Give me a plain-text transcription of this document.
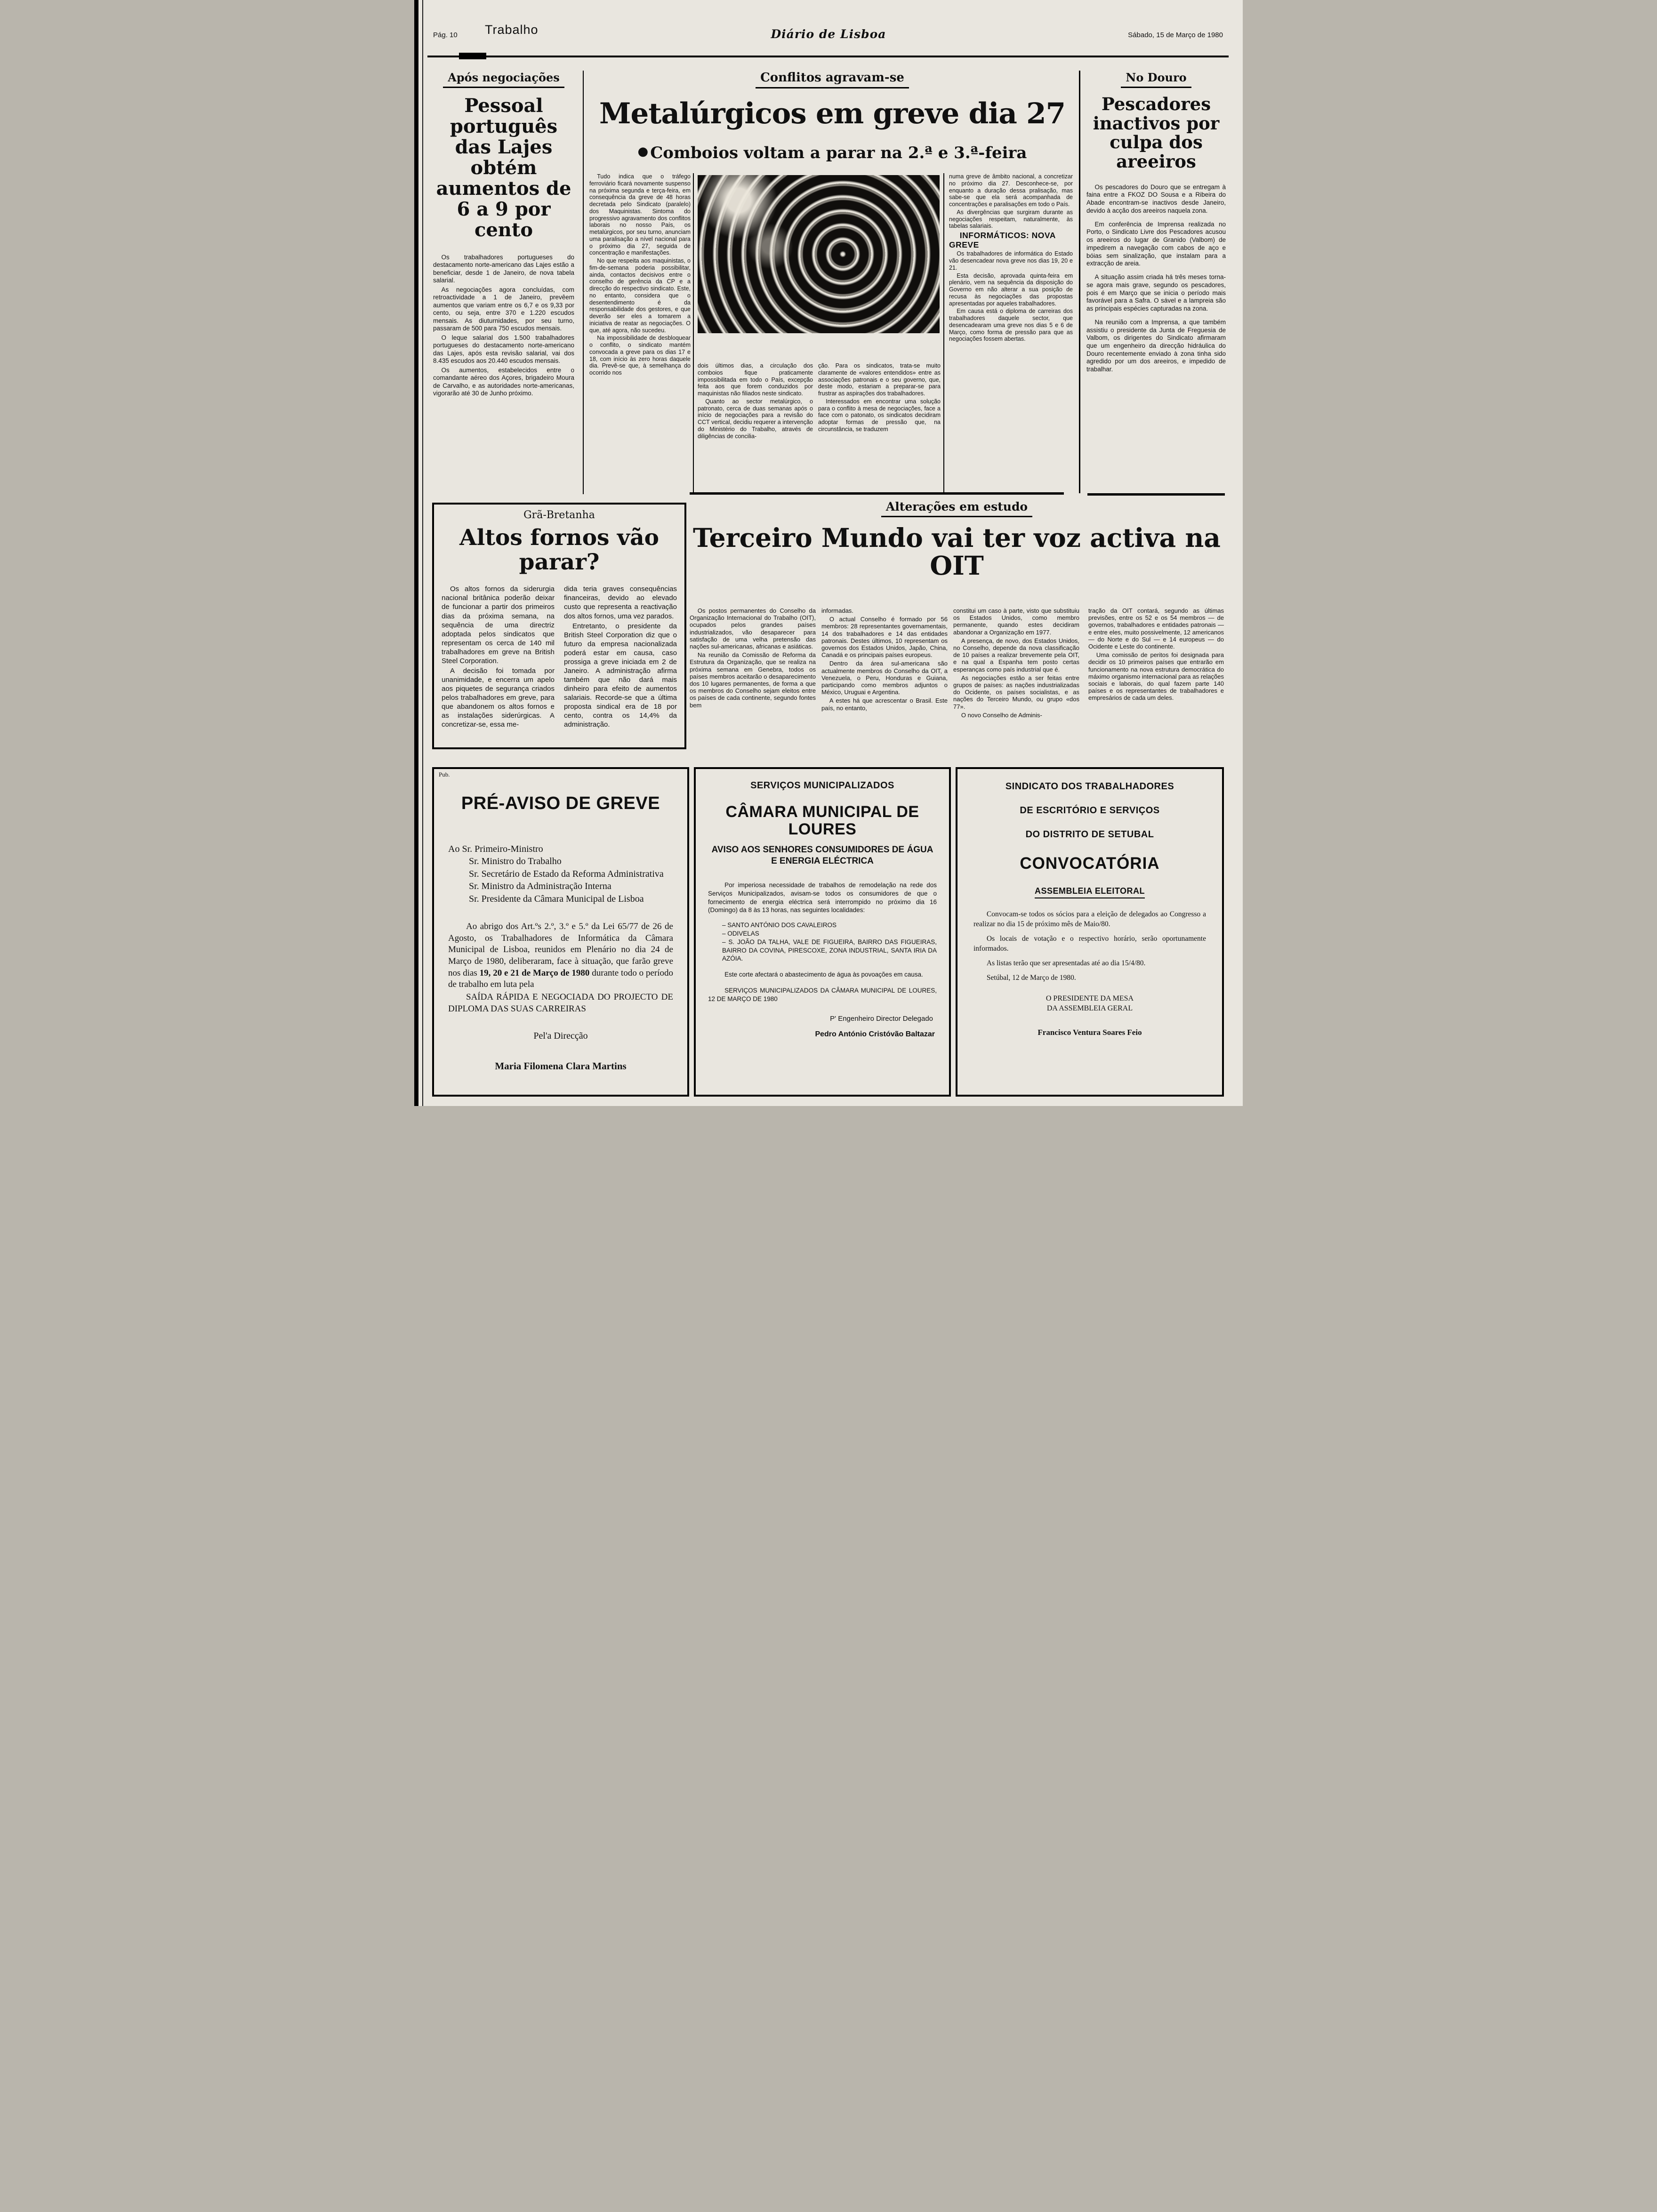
Pág. 10 Trabalho	Diário de Lisboa	Sábado, 15 de Março de 1980
Após negociações
Pessoal português das Lajes obtém aumentos de 6 a 9 por cento

Os trabalhadores portugueses do destacamento norte-americano das Lajes estão a beneficiar, desde 1 de Janeiro, de nova tabela salarial.

As negociações agora concluídas, com retroactividade a 1 de Janeiro, prevêem aumentos que variam entre os 6,7 e os 9,33 por cento, ou seja, entre 370 e 1.220 escudos mensais. As diuturnidades, por seu turno, passaram de 500 para 750 escudos mensais.

O leque salarial dos 1.500 trabalhadores portugueses do destacamento norte-americano das Lajes, após esta revisão salarial, vai dos 8.435 escudos aos 20.440 escudos mensais.

Os aumentos, estabelecidos entre o comandante aéreo dos Açores, brigadeiro Moura de Carvalho, e as autoridades norte-americanas, vigorarão até 30 de Junho próximo.

Conflitos agravam-se
Metalúrgicos em greve dia 27
● Comboios voltam a parar na 2.ª e 3.ª-feira

Tudo indica que o tráfego ferroviário ficará novamente suspenso na próxima segunda e terça-feira, em consequência da greve de 48 horas decretada pelo Sindicato (paralelo) dos Maquinistas. Sintoma do progressivo agravamento dos conflitos laborais no nosso País, os metalúrgicos, por seu turno, anunciam uma paralisação a nível nacional para o próximo dia 27, seguida de concentração e manifestações.

No que respeita aos maquinistas, o fim-de-semana poderia possibilitar, ainda, contactos decisivos entre o conselho de gerência da CP e a direcção do respectivo sindicato. Este, no entanto, considera que o desentendimento é da responsabilidade dos gestores, e que deverão ser eles a tomarem a iniciativa de reatar as negociações. O que, até agora, não sucedeu.

Na impossibilidade de desbloquear o conflito, o sindicato mantém convocada a greve para os dias 17 e 18, com início às zero horas daquele dia. Prevê-se que, à semelhança do ocorrido nos

dois últimos dias, a circulação dos comboios fique praticamente impossibilitada em todo o País, excepção feita aos que forem conduzidos por maquinistas não filiados neste sindicato.

Quanto ao sector metalúrgico, o patronato, cerca de duas semanas após o início de negociações para a revisão do CCT vertical, decidiu requerer a intervenção do Ministério do Trabalho, através de diligências de concilia-

ção. Para os sindicatos, trata-se muito claramente de «valores entendidos» entre as associações patronais e o seu governo, que, deste modo, estariam a preparar-se para frustrar as aspirações dos trabalhadores.

Interessados em encontrar uma solução para o conflito à mesa de negociações, face a face com o patonato, os sindicatos decidiram adoptar formas de pressão que, na circunstância, se traduzem

numa greve de âmbito nacional, a concretizar no próximo dia 27. Desconhece-se, por enquanto a duração dessa pralisação, mas sabe-se que ela será acompanhada de concentrações e paralisações em todo o País.

As divergências que surgiram durante as negociações respeitam, naturalmente, às tabelas salariais.

INFORMÁTICOS: NOVA GREVE

Os trabalhadores de informática do Estado vão desencadear nova greve nos dias 19, 20 e 21.

Esta decisão, aprovada quinta-feira em plenário, vem na sequência da disposição do Governo em não alterar a sua posição de recusa às negociações das propostas apresentadas por aqueles trabalhadores.

Em causa está o diploma de carreiras dos trabalhadores daquele sector, que desencadearam uma greve nos dias 5 e 6 de Março, como forma de pressão para que as negociações fossem abertas.

No Douro
Pescadores inactivos por culpa dos areeiros

Os pescadores do Douro que se entregam à faina entre a FKOZ DO Sousa e a Ribeira do Abade encontram-se inactivos desde Janeiro, devido à acção dos areeiros naquela zona.

Em conferência de Imprensa realizada no Porto, o Sindicato Livre dos Pescadores acusou os areeiros do lugar de Granido (Valbom) de impedirem a navegação com cabos de aço e bóias sem sinalização, que instalam para a extracção de areia.

A situação assim criada há três meses torna-se agora mais grave, segundo os pescadores, pois é em Março que se inicia o período mais favorável para a Safra. O sável e a lampreia são as principais espécies capturadas na zona.

Na reunião com a Imprensa, a que também assistiu o presidente da Junta de Freguesia de Valbom, os dirigentes do Sindicato afirmaram que um engenheiro da direcção hidráulica do Douro recentemente enviado à zona tinha sido agredido por um dos areeiros, e impedido de trabalhar.

Grã-Bretanha
Altos fornos vão parar?

Os altos fornos da siderurgia nacional britânica poderão deixar de funcionar a partir dos primeiros dias da próxima semana, na sequência de uma directriz adoptada pelos sindicatos que representam os cerca de 140 mil trabalhadores em greve na British Steel Corporation.

A decisão foi tomada por unanimidade, e encerra um apelo aos piquetes de segurança criados pelos trabalhadores em greve, para que abandonem os altos fornos e as instalações siderúrgicas. A concretizar-se, essa me-

dida teria graves consequências financeiras, devido ao elevado custo que representa a reactivação dos altos fornos, uma vez parados.

Entretanto, o presidente da British Steel Corporation diz que o futuro da empresa nacionalizada poderá estar em causa, caso prossiga a greve iniciada em 2 de Janeiro. A administração afirma também que não dará mais dinheiro para efeito de aumentos salariais. Recorde-se que a última proposta sindical era de 18 por cento, contra os 14,4% da administração.

Alterações em estudo
Terceiro Mundo vai ter voz activa na OIT

Os postos permanentes do Conselho da Organização Internacional do Trabalho (OIT), ocupados pelos grandes países industrializados, vão desaparecer para satisfação de uma velha pretensão das nações sul-americanas, africanas e asiáticas.

Na reunião da Comissão de Reforma da Estrutura da Organização, que se realiza na próxima semana em Genebra, todos os países membros aceitarão o desaparecimento dos 10 lugares permanentes, de forma a que os membros do Conselho sejam eleitos entre os países de cada continente, segundo fontes bem

informadas.

O actual Conselho é formado por 56 membros: 28 representantes governamentais, 14 dos trabalhadores e 14 das entidades patronais. Destes últimos, 10 representam os governos dos Estados Unidos, Japão, China, Canadá e os principais países europeus.

Dentro da área sul-americana são actualmente membros do Conselho da OIT, a Venezuela, o Peru, Honduras e Guiana, participando como membros adjuntos o México, Uruguai e Argentina.

A estes há que acrescentar o Brasil. Este país, no entanto,

constitui um caso à parte, visto que substituiu os Estados Unidos, como membro permanente, quando estes decidiram abandonar a Organização em 1977.

A presença, de novo, dos Estados Unidos, no Conselho, depende da nova classificação de 10 países a realizar brevemente pela OIT, e na qual a Espanha tem posto certas esperanças como país industrial que é.

As negociações estão a ser feitas entre grupos de países: as nações industrializadas do Ocidente, os países socialistas, e as nações do Terceiro Mundo, ou grupo «dos 77».

O novo Conselho de Adminis-

tração da OIT contará, segundo as últimas previsões, entre os 52 e os 54 membros — de governos, trabalhadores e entidades patronais — e entre eles, muito possivelmente, 12 americanos — do Norte e do Sul — e 14 europeus — do Ocidente e Leste do continente.

Uma comissão de peritos foi designada para decidir os 10 primeiros países que entrarão em funcionamento na nova estrutura democrática do máximo organismo internacional para as relações sociais e laborais, do qual fazem parte 140 países e os representantes de trabalhadores e empresários de cada um deles.

Pub.
PRÉ-AVISO DE GREVE

Ao Sr. Primeiro-Ministro

Sr. Ministro do Trabalho

Sr. Secretário de Estado da Reforma Administrativa

Sr. Ministro da Administração Interna

Sr. Presidente da Câmara Municipal de Lisboa

Ao abrigo dos Art.ºs 2.º, 3.º e 5.º da Lei 65/77 de 26 de Agosto, os Trabalhadores de Informática da Câmara Municipal de Lisboa, reunidos em Plenário no dia 24 de Março de 1980, deliberaram, face à situação, que farão greve nos dias 19, 20 e 21 de Março de 1980 durante todo o período de trabalho em luta pela
SAÍDA RÁPIDA E NEGOCIADA DO PROJECTO DE DIPLOMA DAS SUAS CARREIRAS
Pel'a Direcção
Maria Filomena Clara Martins
SERVIÇOS MUNICIPALIZADOS
CÂMARA MUNICIPAL DE LOURES
AVISO AOS SENHORES CONSUMIDORES DE ÁGUA E ENERGIA ELÉCTRICA

Por imperiosa necessidade de trabalhos de remodelação na rede dos Serviços Municipalizados, avisam-se todos os consumidores de que o fornecimento de energia eléctrica será interrompido no próximo dia 16 (Domingo) da 8 às 13 horas, nas seguintes localidades:

– SANTO ANTÓNIO DOS CAVALEIROS
– ODIVELAS
– S. JOÃO DA TALHA, VALE DE FIGUEIRA, BAIRRO DAS FIGUEIRAS, BAIRRO DA COVINA, PIRESCOXE, ZONA INDUSTRIAL, SANTA IRIA DA AZÓIA.

Este corte afectará o abastecimento de água às povoações em causa.

SERVIÇOS MUNICIPALIZADOS DA CÂMARA MUNICIPAL DE LOURES, 12 DE MARÇO DE 1980

P' Engenheiro Director Delegado
Pedro António Cristóvão Baltazar
SINDICATO DOS TRABALHADORES
DE ESCRITÓRIO E SERVIÇOS
DO DISTRITO DE SETUBAL
CONVOCATÓRIA
ASSEMBLEIA ELEITORAL

Convocam-se todos os sócios para a eleição de delegados ao Congresso a realizar no dia 15 de próximo mês de Maio/80.

Os locais de votação e o respectivo horário, serão oportunamente informados.

As listas terão que ser apresentadas até ao dia 15/4/80.

Setúbal, 12 de Março de 1980.

O PRESIDENTE DA MESA
DA ASSEMBLEIA GERAL
Francisco Ventura Soares Feio
